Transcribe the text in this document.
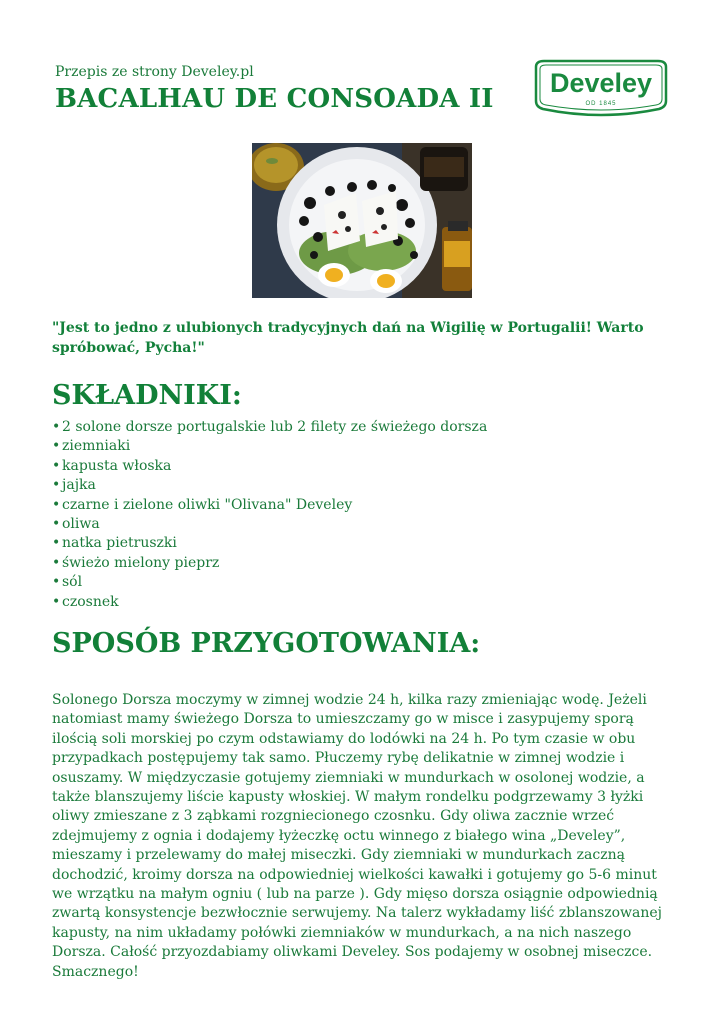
Przepis ze strony Develey.pl
BACALHAU DE CONSOADA II
Develey
OD 1845
"Jest to jedno z ulubionych tradycyjnych dań na Wigilię w Portugalii! Warto spróbować, Pycha!"
SKŁADNIKI:
• 2 solone dorsze portugalskie lub 2 filety ze świeżego dorsza
• ziemniaki
• kapusta włoska
• jajka
• czarne i zielone oliwki "Olivana" Develey
• oliwa
• natka pietruszki
• świeżo mielony pieprz
• sól
• czosnek
SPOSÓB PRZYGOTOWANIA:

Solonego Dorsza moczymy w zimnej wodzie 24 h, kilka razy zmieniając wodę. Jeżeli natomiast mamy świeżego Dorsza to umieszczamy go w misce i zasypujemy sporą ilością soli morskiej po czym odstawiamy do lodówki na 24 h. Po tym czasie w obu przypadkach postępujemy tak samo. Płuczemy rybę delikatnie w zimnej wodzie i osuszamy. W międzyczasie gotujemy ziemniaki w mundurkach w osolonej wodzie, a także blanszujemy liście kapusty włoskiej. W małym rondelku podgrzewamy 3 łyżki oliwy zmieszane z 3 ząbkami rozgniecionego czosnku. Gdy oliwa zacznie wrzeć zdejmujemy z ognia i dodajemy łyżeczkę octu winnego z białego wina „Develey”, mieszamy i przelewamy do małej miseczki. Gdy ziemniaki w mundurkach zaczną dochodzić, kroimy dorsza na odpowiedniej wielkości kawałki i gotujemy go 5-6 minut we wrzątku na małym ogniu ( lub na parze ). Gdy mięso dorsza osiągnie odpowiednią zwartą konsystencje bezwłocznie serwujemy. Na talerz wykładamy liść zblanszowanej kapusty, na nim układamy połówki ziemniaków w mundurkach, a na nich naszego Dorsza. Całość przyozdabiamy oliwkami Develey. Sos podajemy w osobnej miseczce. Smacznego!
